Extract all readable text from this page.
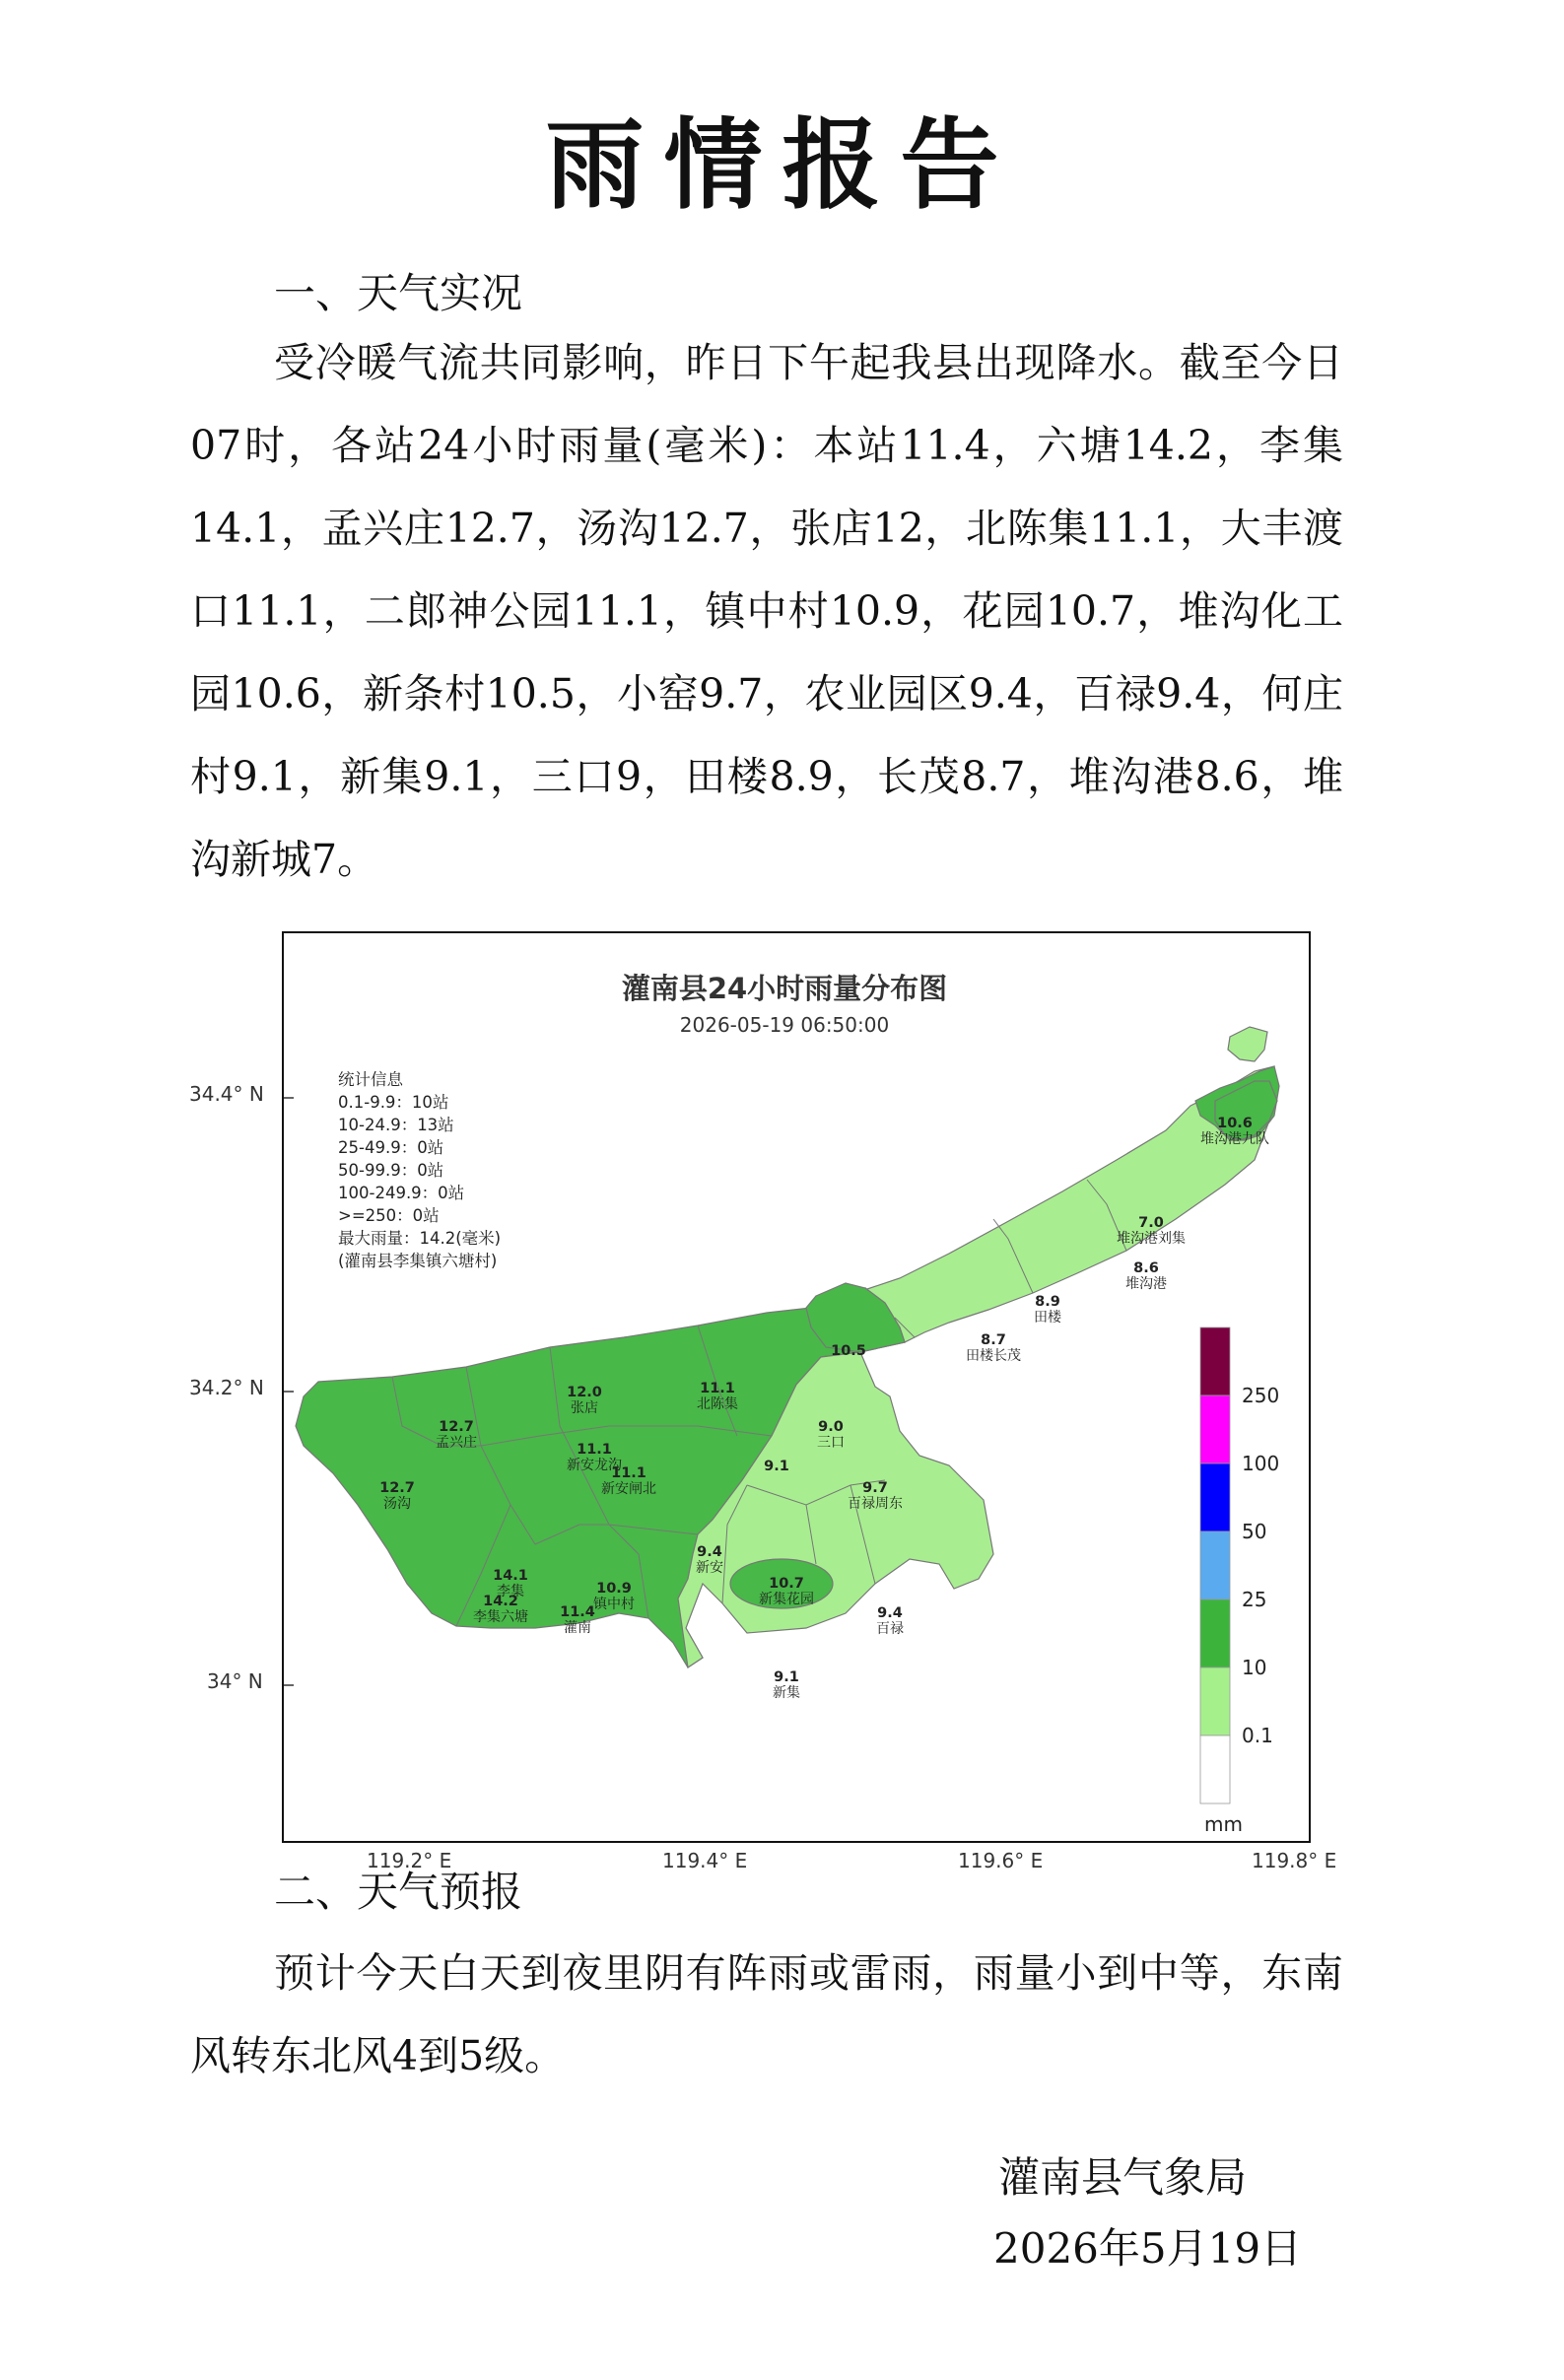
雨情报告
一、天气实况
受冷暖气流共同影响，昨日下午起我县出现降水。截至今日07时，各站24小时雨量(毫米)：本站11.4，六塘14.2，李集14.1，孟兴庄12.7，汤沟12.7，张店12，北陈集11.1，大丰渡口11.1，二郎神公园11.1，镇中村10.9，花园10.7，堆沟化工园10.6，新条村10.5，小窑9.7，农业园区9.4，百禄9.4，何庄村9.1，新集9.1，三口9，田楼8.9，长茂8.7，堆沟港8.6，堆沟新城7。
灌南县24小时雨量分布图
2026-05-19 06:50:00
10.6
堆沟港九队
7.0
堆沟港刘集
8.6
堆沟港
8.9
田楼
8.7
田楼长茂
10.5
12.0
张店
11.1
北陈集
12.7
孟兴庄	11.1
新安龙沟
12.7
汤沟
11.1
新安闸北
9.0
三口
9.1
9.7
百禄周东
9.4
新安
14.1
李集
14.2
李集六塘
10.9
镇中村
11.4
灌南
10.7
新集花园
9.4
百禄
9.1
新集
250
100
50
25
10
0.1
mm
统计信息
0.1-9.9：10站
10-24.9：13站
25-49.9：0站
50-99.9：0站
100-249.9：0站
>=250：0站
最大雨量：14.2(毫米)
(灌南县李集镇六塘村)
34.4° N
34.2° N
34° N
119.2° E	119.4° E	119.6° E	119.8° E
二、天气预报
预计今天白天到夜里阴有阵雨或雷雨，雨量小到中等，东南风转东北风4到5级。
灌南县气象局
2026年5月19日
